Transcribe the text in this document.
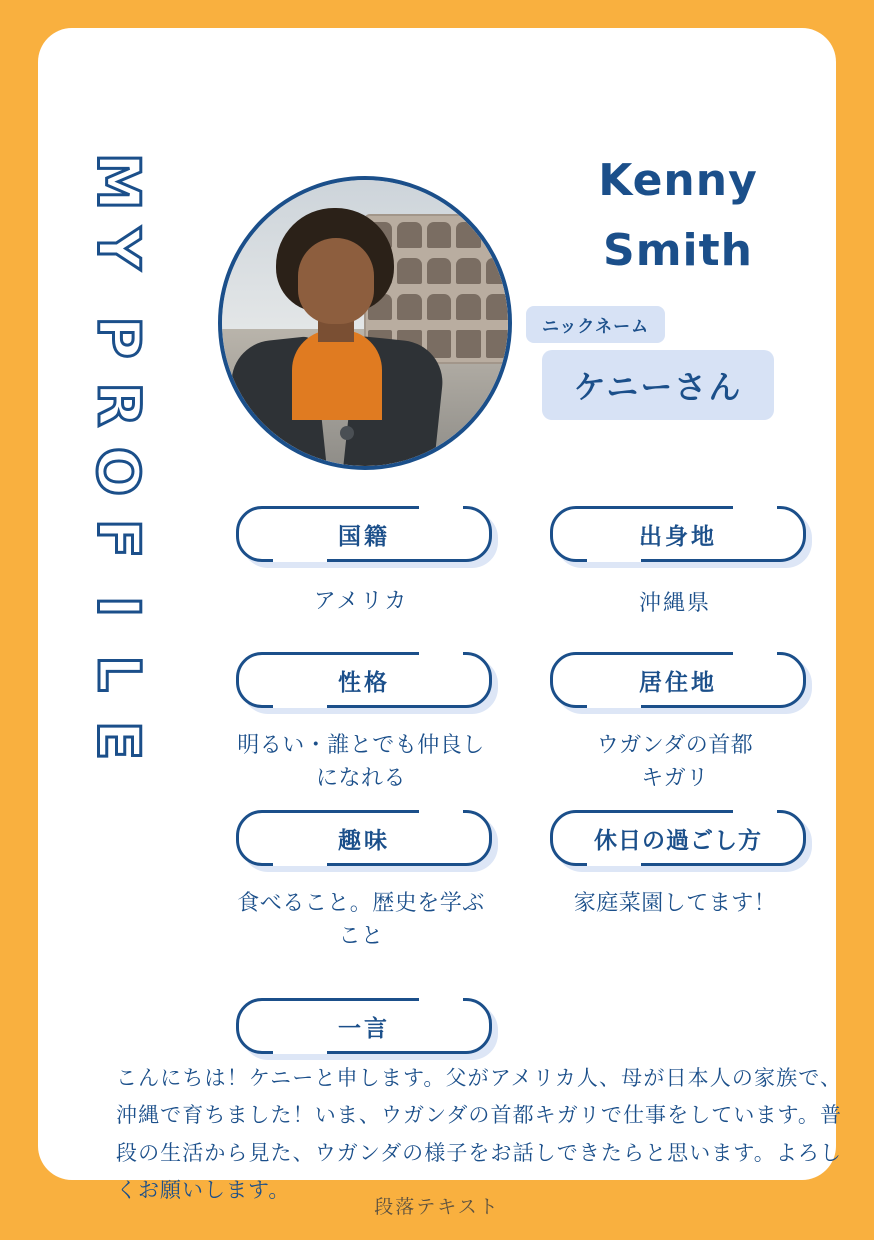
M
Y
P
R
O
F
I
L
E
Kenny
Smith
ニックネーム
ケニーさん
国籍
アメリカ
出身地
沖縄県
性格
明るい・誰とでも仲良しになれる
居住地
ウガンダの首都
キガリ
趣味
食べること。歴史を学ぶこと
休日の過ごし方
家庭菜園してます！
一言
こんにちは！ケニーと申します。父がアメリカ人、母が日本人の家族で、沖縄で育ちました！いま、ウガンダの首都キガリで仕事をしています。普段の生活から見た、ウガンダの様子をお話しできたらと思います。よろしくお願いします。
段落テキスト
